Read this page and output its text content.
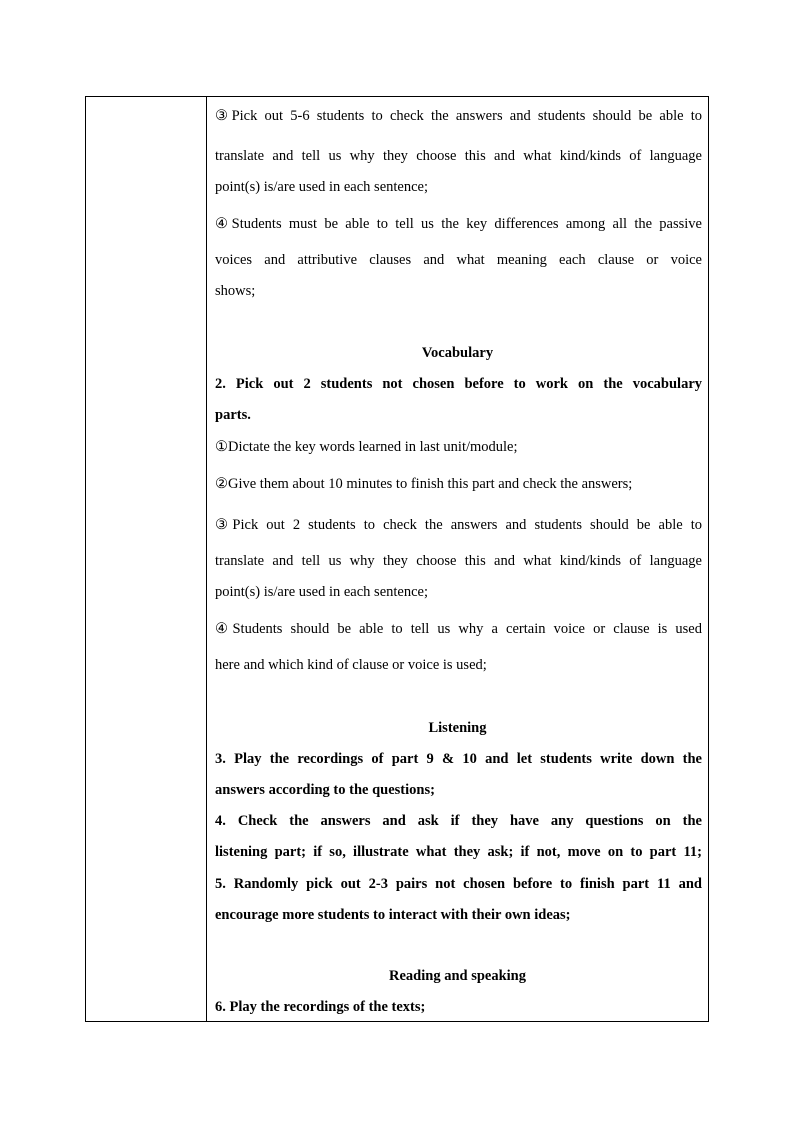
③Pick out 5-6 students to check the answers and students should be able to
translate and tell us why they choose this and what kind/kinds of language
point(s) is/are used in each sentence;
④Students must be able to tell us the key differences among all the passive
voices and attributive clauses and what meaning each clause or voice
shows;
Vocabulary
2. Pick out 2 students not chosen before to work on the vocabulary
parts.
①Dictate the key words learned in last unit/module;
②Give them about 10 minutes to finish this part and check the answers;
③Pick out 2 students to check the answers and students should be able to
translate and tell us why they choose this and what kind/kinds of language
point(s) is/are used in each sentence;
④Students should be able to tell us why a certain voice or clause is used
here and which kind of clause or voice is used;
Listening
3. Play the recordings of part 9 & 10 and let students write down the
answers according to the questions;
4. Check the answers and ask if they have any questions on the
listening part; if so, illustrate what they ask; if not, move on to part 11;
5. Randomly pick out 2-3 pairs not chosen before to finish part 11 and
encourage more students to interact with their own ideas;
Reading and speaking
6. Play the recordings of the texts;
